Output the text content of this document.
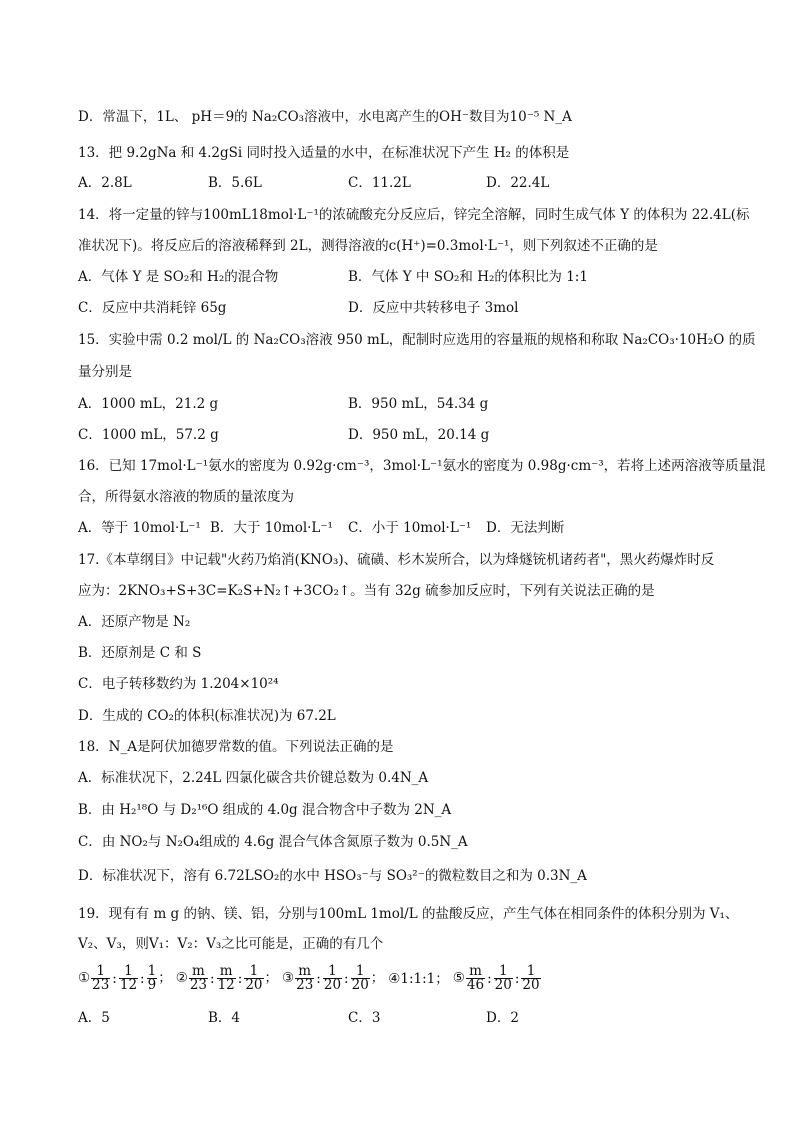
D．常温下，1L、 pH＝9的 Na₂CO₃溶液中，水电离产生的OH⁻数目为10⁻⁵ N_A
13．把 9.2gNa 和 4.2gSi 同时投入适量的水中，在标准状况下产生 H₂ 的体积是
A．2.8L	B．5.6L	C．11.2L	D．22.4L
14．将一定量的锌与100mL18mol·L⁻¹的浓硫酸充分反应后，锌完全溶解，同时生成气体 Y 的体积为 22.4L(标
准状况下)。将反应后的溶液稀释到 2L，测得溶液的c(H⁺)=0.3mol·L⁻¹，则下列叙述不正确的是
A．气体 Y 是 SO₂和 H₂的混合物	B．气体 Y 中 SO₂和 H₂的体积比为 1:1
C．反应中共消耗锌 65g	D．反应中共转移电子 3mol
15．实验中需 0.2 mol/L 的 Na₂CO₃溶液 950 mL，配制时应选用的容量瓶的规格和称取 Na₂CO₃·10H₂O 的质
量分别是
A．1000 mL，21.2 g	B．950 mL，54.34 g
C．1000 mL，57.2 g	D．950 mL，20.14 g
16．已知 17mol·L⁻¹氨水的密度为 0.92g·cm⁻³，3mol·L⁻¹氨水的密度为 0.98g·cm⁻³，若将上述两溶液等质量混
合，所得氨水溶液的物质的量浓度为
A．等于 10mol·L⁻¹ B．大于 10mol·L⁻¹ C．小于 10mol·L⁻¹ D．无法判断
17.《本草纲目》中记载"火药乃焰消(KNO₃)、硫磺、杉木炭所合，以为烽燧铳机诸药者"，黑火药爆炸时反
应为：2KNO₃+S+3C=K₂S+N₂↑+3CO₂↑。当有 32g 硫参加反应时，下列有关说法正确的是
A．还原产物是 N₂
B．还原剂是 C 和 S
C．电子转移数约为 1.204×10²⁴
D．生成的 CO₂的体积(标准状况)为 67.2L
18．N_A是阿伏加德罗常数的值。下列说法正确的是
A．标准状况下，2.24L 四氯化碳含共价键总数为 0.4N_A
B．由 H₂¹⁸O 与 D₂¹⁶O 组成的 4.0g 混合物含中子数为 2N_A
C．由 NO₂与 N₂O₄组成的 4.6g 混合气体含氮原子数为 0.5N_A
D．标准状况下，溶有 6.72LSO₂的水中 HSO₃⁻与 SO₃²⁻的微粒数目之和为 0.3N_A
19．现有有 m g 的钠、镁、铝，分别与100mL 1mol/L 的盐酸反应，产生气体在相同条件的体积分别为 V₁、
V₂、V₃，则V₁：V₂：V₃之比可能是，正确的有几个
① $\frac{1}{23}$ : $\frac{1}{12}$ : $\frac{1}{9}$ ； ② $\frac{m}{23}$ : $\frac{m}{12}$ : $\frac{1}{20}$ ； ③ $\frac{m}{23}$ : $\frac{1}{20}$ : $\frac{1}{20}$ ； ④1:1:1； ⑤ $\frac{m}{46}$ : $\frac{1}{20}$ : $\frac{1}{20}$
A．5	B．4	C．3	D．2
